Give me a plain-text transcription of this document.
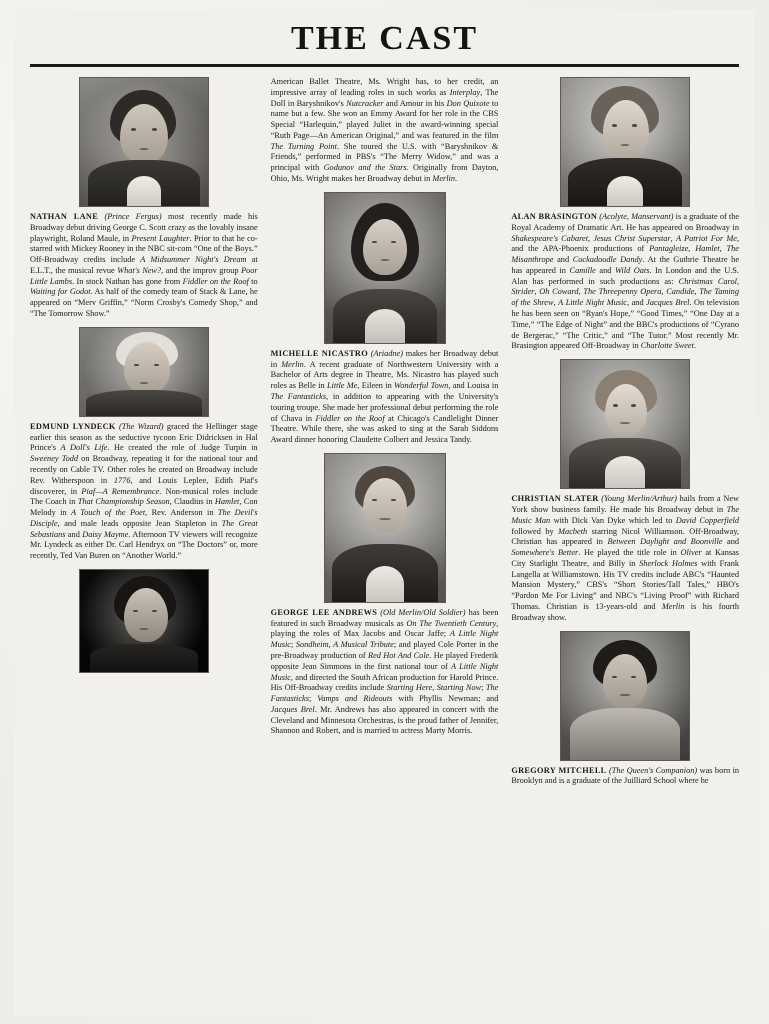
THE CAST
NATHAN LANE (Prince Fergus) most recently made his Broadway debut driving George C. Scott crazy as the lovably insane playwright, Roland Maule, in Present Laughter. Prior to that he co-starred with Mickey Rooney in the NBC sit-com “One of the Boys.” Off-Broadway credits include A Midsummer Night's Dream at E.L.T., the musical revue What's New?, and the improv group Poor Little Lambs. In stock Nathan has gone from Fiddler on the Roof to Waiting for Godot. As half of the comedy team of Stack & Lane, he appeared on “Merv Griffin,” “Norm Crosby's Comedy Shop,” and “The Tomorrow Show.”
EDMUND LYNDECK (The Wizard) graced the Hellinger stage earlier this season as the seductive tycoon Eric Didricksen in Hal Prince's A Doll's Life. He created the role of Judge Turpin in Sweeney Todd on Broadway, repeating it for the national tour and recently on Cable TV. Other roles he created on Broadway include Rev. Witherspoon in 1776, and Louis Leplee, Edith Piaf's discoverer, in Piaf—A Remembrance. Non-musical roles include The Coach in That Championship Season, Claudius in Hamlet, Con Melody in A Touch of the Poet, Rev. Anderson in The Devil's Disciple, and male leads opposite Jean Stapleton in The Great Sebastians and Daisy Mayme. Afternoon TV viewers will recognize Mr. Lyndeck as either Dr. Carl Hendryx on “The Doctors” or, more recently, Ted Van Buren on “Another World.”
American Ballet Theatre, Ms. Wright has, to her credit, an impressive array of leading roles in such works as Interplay, The Doll in Baryshnikov's Nutcracker and Amour in his Don Quixote to name but a few. She won an Emmy Award for her role in the CBS Special “Harlequin,” played Juliet in the award-winning special “Ruth Page—An American Original,” and was featured in the film The Turning Point. She toured the U.S. with “Baryshnikov & Friends,” performed in PBS's “The Merry Widow,” and was a principal with Godunov and the Stars. Originally from Dayton, Ohio, Ms. Wright makes her Broadway debut in Merlin.
MICHELLE NICASTRO (Ariadne) makes her Broadway debut in Merlin. A recent graduate of Northwestern University with a Bachelor of Arts degree in Theatre, Ms. Nicastro has played such roles as Belle in Little Me, Eileen in Wonderful Town, and Louisa in The Fantasticks, in addition to appearing with the University's touring troupe. She made her professional debut performing the role of Chava in Fiddler on the Roof at Chicago's Candlelight Dinner Theatre. While there, she was asked to sing at the Sarah Siddons Award dinner honoring Claudette Colbert and Jessica Tandy.
GEORGE LEE ANDREWS (Old Merlin/Old Soldier) has been featured in such Broadway musicals as On The Twentieth Century, playing the roles of Max Jacobs and Oscar Jaffe; A Little Night Music; Sondheim, A Musical Tribute; and played Cole Porter in the pre-Broadway production of Red Hot And Cole. He played Frederik opposite Jean Simmons in the first national tour of A Little Night Music, and directed the South African production for Harold Prince. His Off-Broadway credits include Starting Here, Starting Now; The Fantasticks; Vamps and Rideouts with Phyllis Newman; and Jacques Brel. Mr. Andrews has also appeared in concert with the Cleveland and Minnesota Orchestras, is the proud father of Jennifer, Shannon and Robert, and is married to actress Marty Morris.
ALAN BRASINGTON (Acolyte, Manservant) is a graduate of the Royal Academy of Dramatic Art. He has appeared on Broadway in Shakespeare's Cabaret, Jesus Christ Superstar, A Patriot For Me, and the APA-Phoenix productions of Pantagleize, Hamlet, The Misanthrope and Cockadoodle Dandy. At the Guthrie Theatre he has appeared in Camille and Wild Oats. In London and the U.S. Alan has performed in such productions as: Christmas Carol, Strider, Oh Coward, The Threepenny Opera, Candide, The Taming of the Shrew, A Little Night Music, and Jacques Brel. On television he has been seen on “Ryan's Hope,” “Good Times,” “One Day at a Time,” “The Edge of Night” and the BBC's productions of “Cyrano de Bergerac,” “The Critic,” and “The Tutor.” Most recently Mr. Brasington appeared Off-Broadway in Charlotte Sweet.
CHRISTIAN SLATER (Young Merlin/Arthur) hails from a New York show business family. He made his Broadway debut in The Music Man with Dick Van Dyke which led to David Copperfield followed by Macbeth starring Nicol Williamson. Off-Broadway, Christian has appeared in Between Daylight and Boonville and Somewhere's Better. He played the title role in Oliver at Kansas City Starlight Theatre, and Billy in Sherlock Holmes with Frank Langella at Williamstown. His TV credits include ABC's “Haunted Mansion Mystery,” CBS's “Short Stories/Tall Tales,” HBO's “Pardon Me For Living” and NBC's “Living Proof” with Richard Thomas. Christian is 13-years-old and Merlin is his fourth Broadway show.
GREGORY MITCHELL (The Queen's Companion) was born in Brooklyn and is a graduate of the Juilliard School where he
